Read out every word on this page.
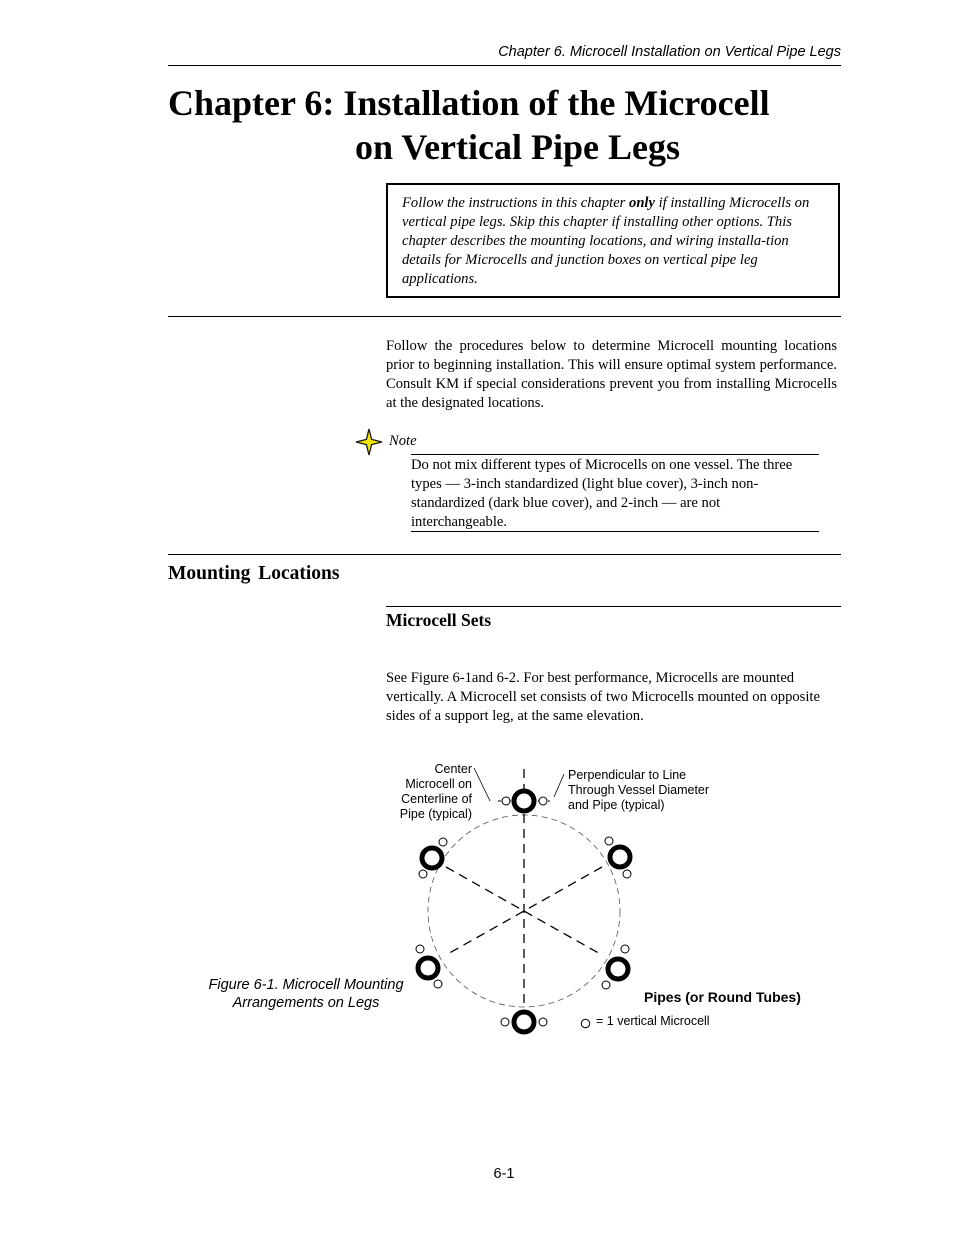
Chapter 6. Microcell Installation on Vertical Pipe Legs
Chapter 6: Installation of the Microcell
on Vertical Pipe Legs
Follow the instructions in this chapter only if installing Microcells on vertical pipe legs. Skip this chapter if installing other options. This chapter describes the mounting locations, and wiring installa-tion details for Microcells and junction boxes on vertical pipe leg applications.
Follow the procedures below to determine Microcell mounting locations prior to beginning installation. This will ensure optimal system performance. Consult KM if special considerations prevent you from installing Microcells at the designated locations.
Note
Do not mix different types of Microcells on one vessel. The three types — 3-inch standardized (light blue cover), 3-inch non-standardized (dark blue cover), and 2-inch — are not interchangeable.
Mounting Locations
Microcell Sets
See Figure 6-1and 6-2. For best performance, Microcells are mounted vertically. A Microcell set consists of two Microcells mounted on opposite sides of a support leg, at the same elevation.
Center
Microcell on
Centerline of
Pipe (typical)
Perpendicular to Line
Through Vessel Diameter
and Pipe (typical)
Pipes (or Round Tubes)
= 1 vertical Microcell
Figure 6-1. Microcell Mounting
Arrangements on Legs
6-1
